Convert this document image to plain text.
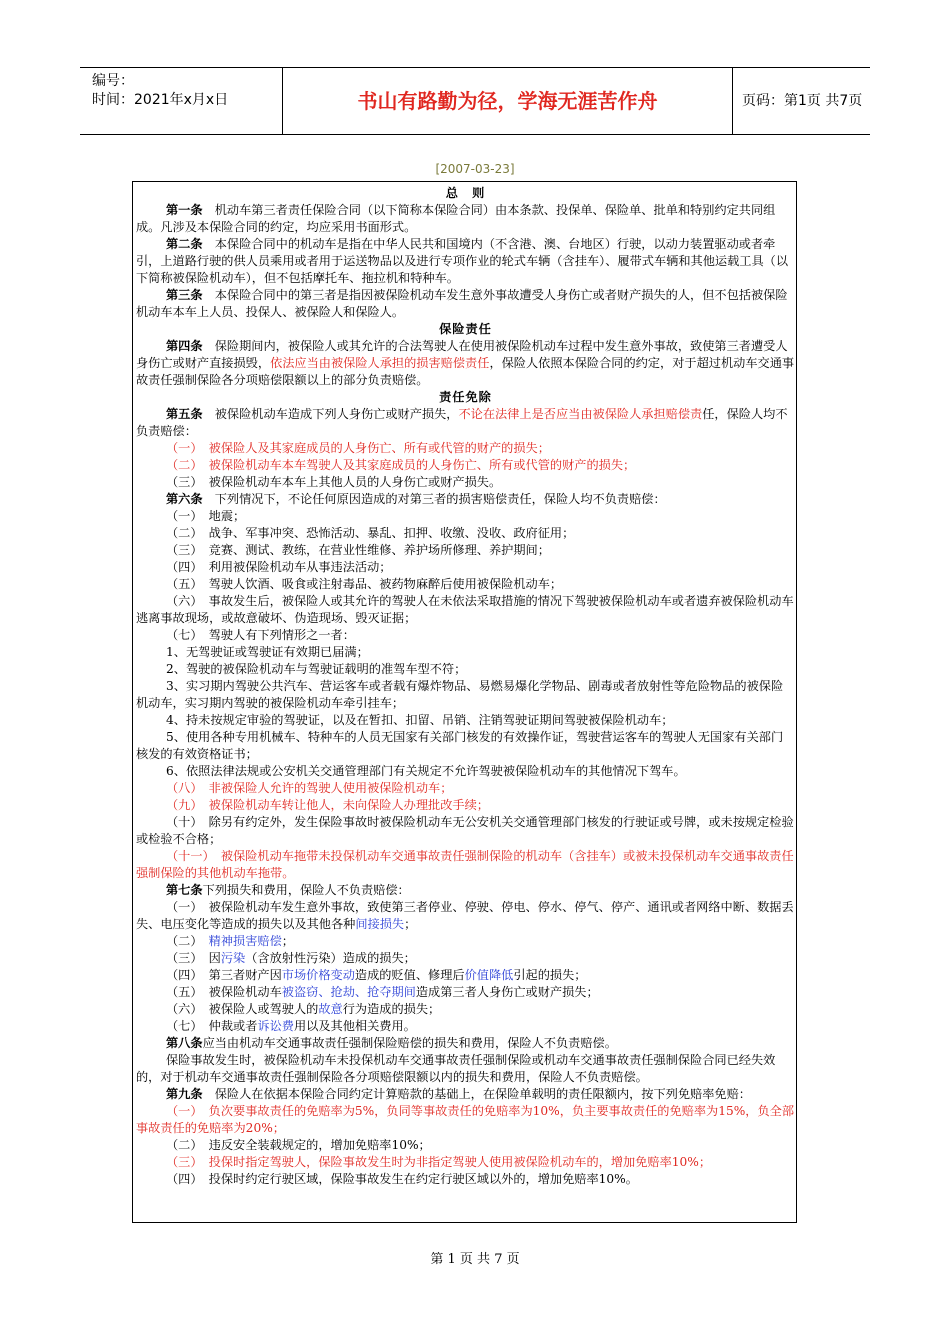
编号：
时间：2021年x月x日	书山有路勤为径，学海无涯苦作舟	页码：第1页 共7页
[2007-03-23]

总　则

第一条　机动车第三者责任保险合同（以下简称本保险合同）由本条款、投保单、保险单、批单和特别约定共同组成。凡涉及本保险合同的约定，均应采用书面形式。

第二条　本保险合同中的机动车是指在中华人民共和国境内（不含港、澳、台地区）行驶，以动力装置驱动或者牵引，上道路行驶的供人员乘用或者用于运送物品以及进行专项作业的轮式车辆（含挂车）、履带式车辆和其他运载工具（以下简称被保险机动车），但不包括摩托车、拖拉机和特种车。

第三条　本保险合同中的第三者是指因被保险机动车发生意外事故遭受人身伤亡或者财产损失的人，但不包括被保险机动车本车上人员、投保人、被保险人和保险人。

保险责任

第四条　保险期间内，被保险人或其允许的合法驾驶人在使用被保险机动车过程中发生意外事故，致使第三者遭受人身伤亡或财产直接损毁，依法应当由被保险人承担的损害赔偿责任，保险人依照本保险合同的约定，对于超过机动车交通事故责任强制保险各分项赔偿限额以上的部分负责赔偿。

责任免除

第五条　被保险机动车造成下列人身伤亡或财产损失，不论在法律上是否应当由被保险人承担赔偿责任，保险人均不负责赔偿：

（一）　被保险人及其家庭成员的人身伤亡、所有或代管的财产的损失；

（二）　被保险机动车本车驾驶人及其家庭成员的人身伤亡、所有或代管的财产的损失；

（三）　被保险机动车本车上其他人员的人身伤亡或财产损失。

第六条　下列情况下，不论任何原因造成的对第三者的损害赔偿责任，保险人均不负责赔偿：

（一）　地震；

（二）　战争、军事冲突、恐怖活动、暴乱、扣押、收缴、没收、政府征用；

（三）　竞赛、测试、教练，在营业性维修、养护场所修理、养护期间；

（四）　利用被保险机动车从事违法活动；

（五）　驾驶人饮酒、吸食或注射毒品、被药物麻醉后使用被保险机动车；

（六）　事故发生后，被保险人或其允许的驾驶人在未依法采取措施的情况下驾驶被保险机动车或者遗弃被保险机动车逃离事故现场，或故意破坏、伪造现场、毁灭证据；

（七）　驾驶人有下列情形之一者：

1、无驾驶证或驾驶证有效期已届满；

2、驾驶的被保险机动车与驾驶证载明的准驾车型不符；

3、实习期内驾驶公共汽车、营运客车或者载有爆炸物品、易燃易爆化学物品、剧毒或者放射性等危险物品的被保险机动车，实习期内驾驶的被保险机动车牵引挂车；

4、持未按规定审验的驾驶证，以及在暂扣、扣留、吊销、注销驾驶证期间驾驶被保险机动车；

5、使用各种专用机械车、特种车的人员无国家有关部门核发的有效操作证，驾驶营运客车的驾驶人无国家有关部门核发的有效资格证书；

6、依照法律法规或公安机关交通管理部门有关规定不允许驾驶被保险机动车的其他情况下驾车。

（八）　非被保险人允许的驾驶人使用被保险机动车；

（九）　被保险机动车转让他人，未向保险人办理批改手续；

（十）　除另有约定外，发生保险事故时被保险机动车无公安机关交通管理部门核发的行驶证或号牌，或未按规定检验或检验不合格；

（十一）　被保险机动车拖带未投保机动车交通事故责任强制保险的机动车（含挂车）或被未投保机动车交通事故责任强制保险的其他机动车拖带。

第七条下列损失和费用，保险人不负责赔偿：

（一）　被保险机动车发生意外事故，致使第三者停业、停驶、停电、停水、停气、停产、通讯或者网络中断、数据丢失、电压变化等造成的损失以及其他各种间接损失；

（二）　精神损害赔偿；

（三）　因污染（含放射性污染）造成的损失；

（四）　第三者财产因市场价格变动造成的贬值、修理后价值降低引起的损失；

（五）　被保险机动车被盗窃、抢劫、抢夺期间造成第三者人身伤亡或财产损失；

（六）　被保险人或驾驶人的故意行为造成的损失；

（七）　仲裁或者诉讼费用以及其他相关费用。

第八条应当由机动车交通事故责任强制保险赔偿的损失和费用，保险人不负责赔偿。

保险事故发生时，被保险机动车未投保机动车交通事故责任强制保险或机动车交通事故责任强制保险合同已经失效的，对于机动车交通事故责任强制保险各分项赔偿限额以内的损失和费用，保险人不负责赔偿。

第九条　保险人在依据本保险合同约定计算赔款的基础上，在保险单载明的责任限额内，按下列免赔率免赔：

（一）　负次要事故责任的免赔率为5%，负同等事故责任的免赔率为10%，负主要事故责任的免赔率为15%，负全部事故责任的免赔率为20%；

（二）　违反安全装载规定的，增加免赔率10%；

（三）　投保时指定驾驶人，保险事故发生时为非指定驾驶人使用被保险机动车的，增加免赔率10%；

（四）　投保时约定行驶区域，保险事故发生在约定行驶区域以外的，增加免赔率10%。

第 1 页 共 7 页
